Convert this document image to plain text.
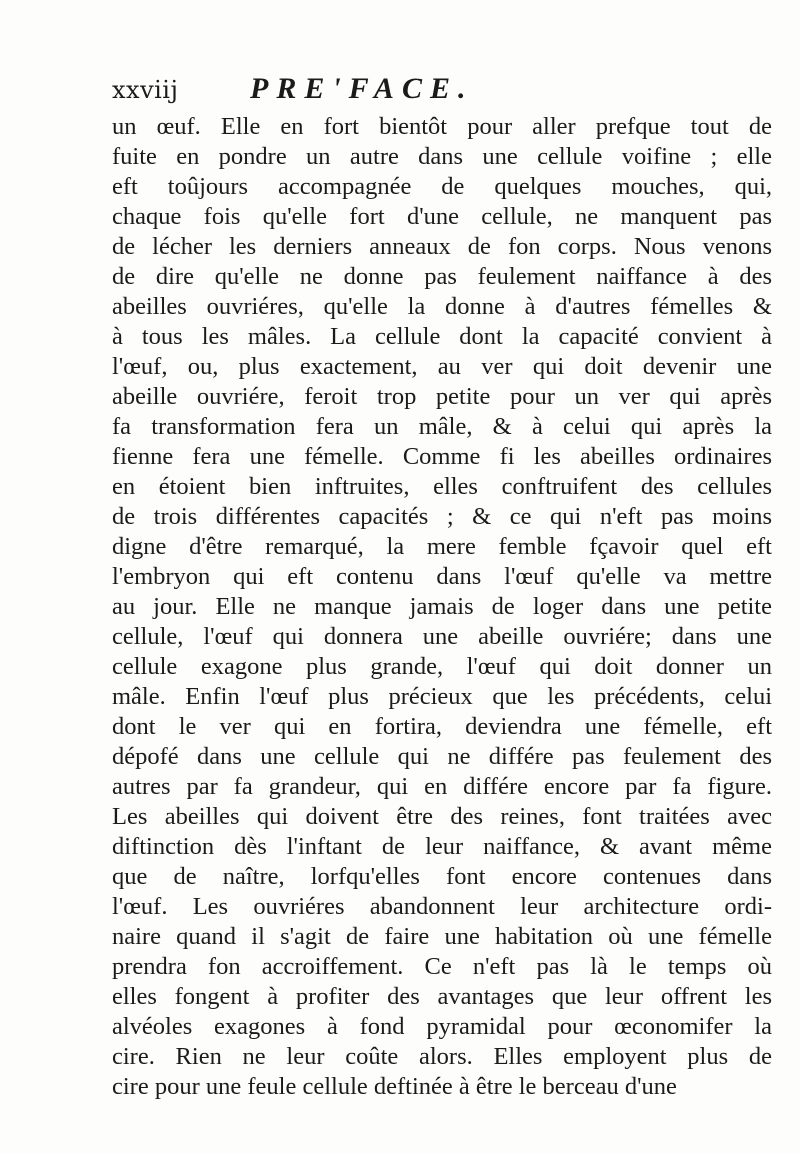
xxviij PRE'FACE.
un œuf. Elle en fort bientôt pour aller prefque tout de
fuite en pondre un autre dans une cellule voifine ; elle
eft toûjours accompagnée de quelques mouches, qui,
chaque fois qu'elle fort d'une cellule, ne manquent pas
de lécher les derniers anneaux de fon corps. Nous venons
de dire qu'elle ne donne pas feulement naiffance à des
abeilles ouvriéres, qu'elle la donne à d'autres fémelles &
à tous les mâles. La cellule dont la capacité convient à
l'œuf, ou, plus exactement, au ver qui doit devenir une
abeille ouvriére, feroit trop petite pour un ver qui après
fa transformation fera un mâle, & à celui qui après la
fienne fera une fémelle. Comme fi les abeilles ordinaires
en étoient bien inftruites, elles conftruifent des cellules
de trois différentes capacités ; & ce qui n'eft pas moins
digne d'être remarqué, la mere femble fçavoir quel eft
l'embryon qui eft contenu dans l'œuf qu'elle va mettre
au jour. Elle ne manque jamais de loger dans une petite
cellule, l'œuf qui donnera une abeille ouvriére; dans une
cellule exagone plus grande, l'œuf qui doit donner un
mâle. Enfin l'œuf plus précieux que les précédents, celui
dont le ver qui en fortira, deviendra une fémelle, eft
dépofé dans une cellule qui ne différe pas feulement des
autres par fa grandeur, qui en différe encore par fa figure.
Les abeilles qui doivent être des reines, font traitées avec
diftinction dès l'inftant de leur naiffance, & avant même
que de naître, lorfqu'elles font encore contenues dans
l'œuf. Les ouvriéres abandonnent leur architecture ordi-
naire quand il s'agit de faire une habitation où une fémelle
prendra fon accroiffement. Ce n'eft pas là le temps où
elles fongent à profiter des avantages que leur offrent les
alvéoles exagones à fond pyramidal pour œconomifer la
cire. Rien ne leur coûte alors. Elles employent plus de
cire pour une feule cellule deftinée à être le berceau d'une
